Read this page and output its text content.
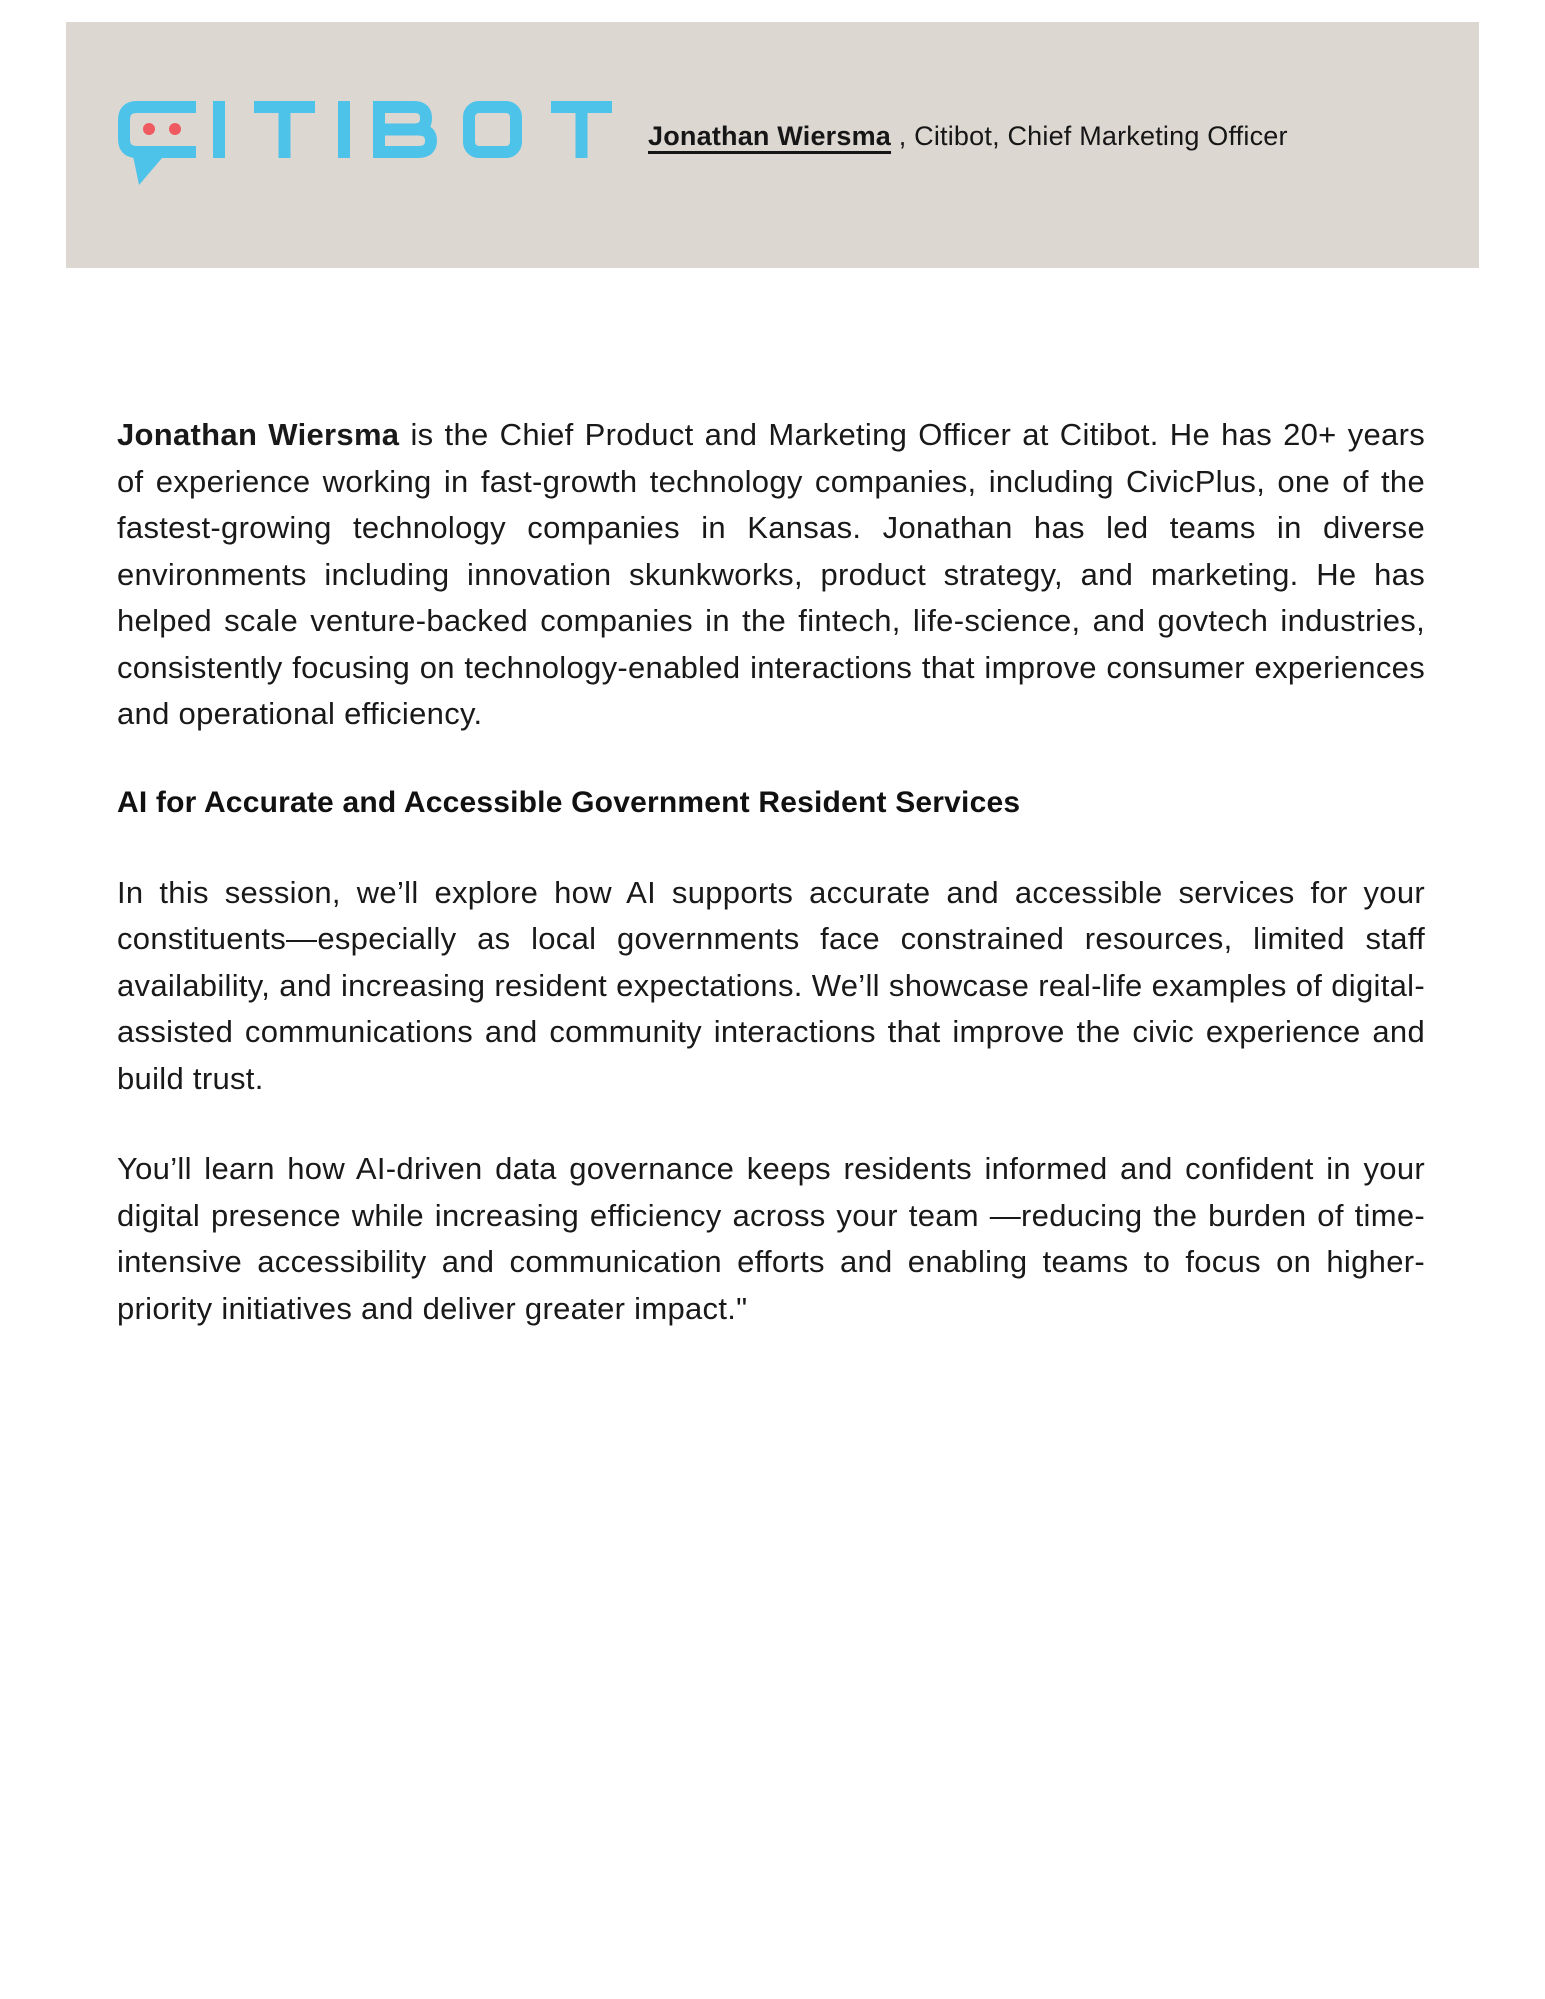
Jonathan Wiersma , Citibot, Chief Marketing Officer

Jonathan Wiersma is the Chief Product and Marketing Officer at Citibot. He has 20+ years of experience working in fast-growth technology companies, including CivicPlus, one of the fastest-growing technology companies in Kansas. Jonathan has led teams in diverse environments including innovation skunkworks, product strategy, and marketing. He has helped scale venture-backed companies in the fintech, life-science, and govtech industries, consistently focusing on technology-enabled interactions that improve consumer experiences and operational efficiency.

AI for Accurate and Accessible Government Resident Services

In this session, we’ll explore how AI supports accurate and accessible services for your constituents—especially as local governments face constrained resources, limited staff availability, and increasing resident expectations. We’ll showcase real-life examples of digital-assisted communications and community interactions that improve the civic experience and build trust.

You’ll learn how AI-driven data governance keeps residents informed and confident in your digital presence while increasing efficiency across your team —reducing the burden of time-intensive accessibility and communication efforts and enabling teams to focus on higher-priority initiatives and deliver greater impact."
